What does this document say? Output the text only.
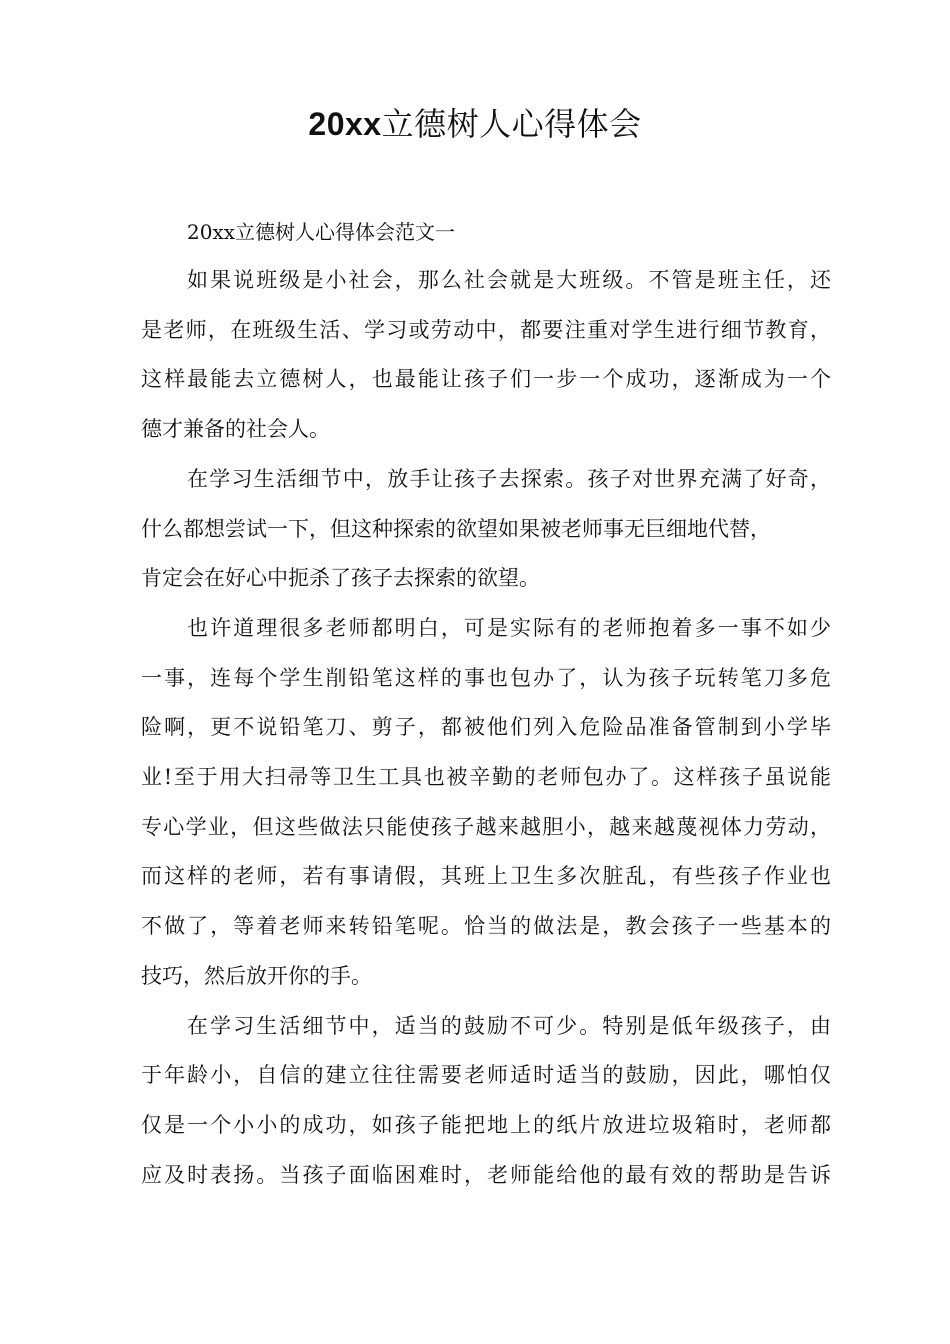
20xx立德树人心得体会

20xx立德树人心得体会范文一

如果说班级是小社会，那么社会就是大班级。不管是班主任，还
是老师，在班级生活、学习或劳动中，都要注重对学生进行细节教育，
这样最能去立德树人，也最能让孩子们一步一个成功，逐渐成为一个
德才兼备的社会人。
在学习生活细节中，放手让孩子去探索。孩子对世界充满了好奇，
什么都想尝试一下，但这种探索的欲望如果被老师事无巨细地代替，
肯定会在好心中扼杀了孩子去探索的欲望。
也许道理很多老师都明白，可是实际有的老师抱着多一事不如少
一事，连每个学生削铅笔这样的事也包办了，认为孩子玩转笔刀多危
险啊，更不说铅笔刀、剪子，都被他们列入危险品准备管制到小学毕
业!至于用大扫帚等卫生工具也被辛勤的老师包办了。这样孩子虽说能
专心学业，但这些做法只能使孩子越来越胆小，越来越蔑视体力劳动，
而这样的老师，若有事请假，其班上卫生多次脏乱，有些孩子作业也
不做了，等着老师来转铅笔呢。恰当的做法是，教会孩子一些基本的
技巧，然后放开你的手。
在学习生活细节中，适当的鼓励不可少。特别是低年级孩子，由
于年龄小，自信的建立往往需要老师适时适当的鼓励，因此，哪怕仅
仅是一个小小的成功，如孩子能把地上的纸片放进垃圾箱时，老师都
应及时表扬。当孩子面临困难时，老师能给他的最有效的帮助是告诉
